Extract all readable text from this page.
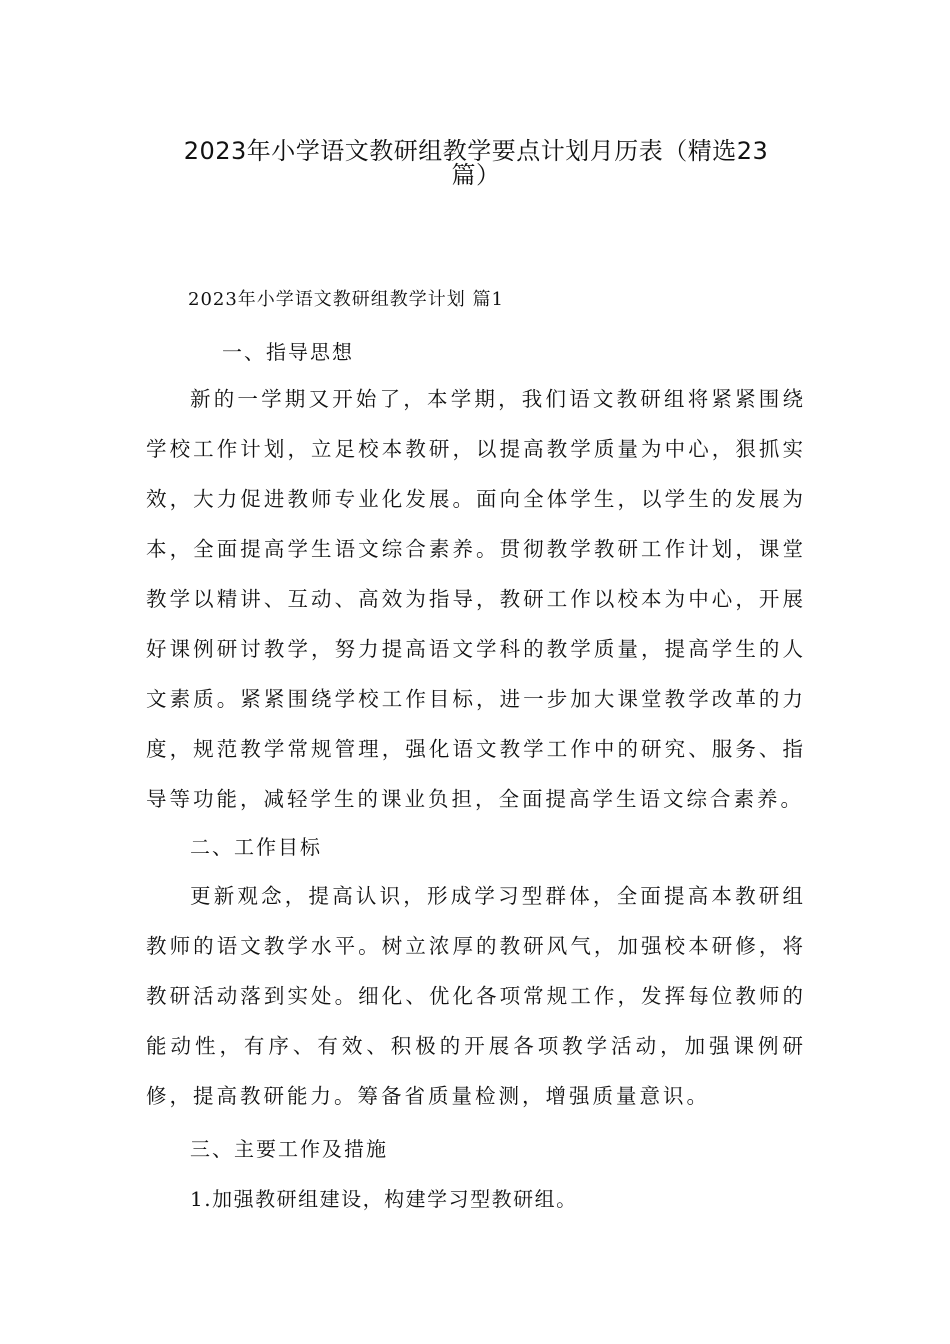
2023年小学语文教研组教学要点计划月历表（精选23
篇）
2023年小学语文教研组教学计划 篇1
一、指导思想

新的一学期又开始了，本学期，我们语文教研组将紧紧围绕学校工作计划，立足校本教研，以提高教学质量为中心，狠抓实效，大力促进教师专业化发展。面向全体学生，以学生的发展为本，全面提高学生语文综合素养。贯彻教学教研工作计划，课堂教学以精讲、互动、高效为指导，教研工作以校本为中心，开展好课例研讨教学，努力提高语文学科的教学质量，提高学生的人文素质。紧紧围绕学校工作目标，进一步加大课堂教学改革的力度，规范教学常规管理，强化语文教学工作中的研究、服务、指导等功能，减轻学生的课业负担，全面提高学生语文综合素养。

二、工作目标

更新观念，提高认识，形成学习型群体，全面提高本教研组教师的语文教学水平。树立浓厚的教研风气，加强校本研修，将教研活动落到实处。细化、优化各项常规工作，发挥每位教师的能动性，有序、有效、积极的开展各项教学活动，加强课例研修，提高教研能力。筹备省质量检测，增强质量意识。

三、主要工作及措施
1.加强教研组建设，构建学习型教研组。
